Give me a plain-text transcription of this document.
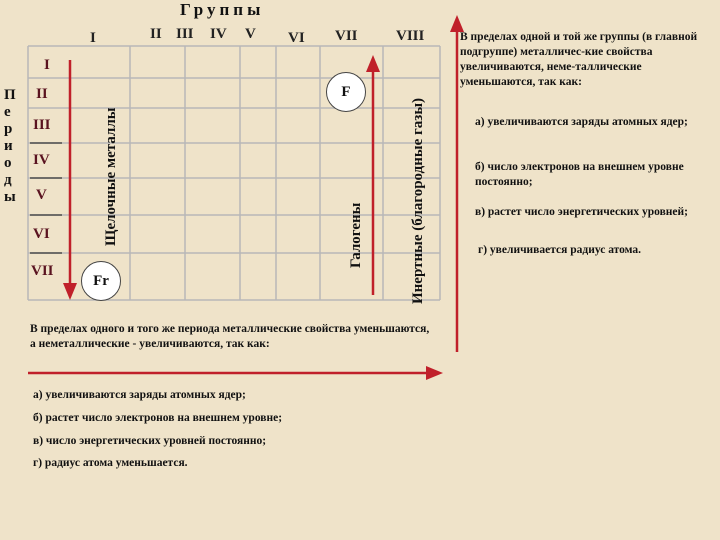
Группы
П
е
р
и
о
д
ы
I	II III IV V VI VII	VIII
I
II
III
IV
V
VI
VII
Щелочные металлы	Галогены	Инертные (благородные газы)
F
Fr
В пределах одной и той же группы (в главной подгруппе) металличес-кие свойства увеличиваются, неме-таллические уменьшаются, так как:
а) увеличиваются заряды атомных ядер;
б) число электронов на внешнем уровне постоянно;
в) растет число энергетических уровней;
г) увеличивается радиус атома.
В пределах одного и того же периода металлические свойства уменьшаются, а неметаллические - увеличиваются, так как:
а) увеличиваются заряды атомных ядер;
б) растет число электронов на внешнем уровне;
в) число энергетических уровней постоянно;
г) радиус атома уменьшается.
